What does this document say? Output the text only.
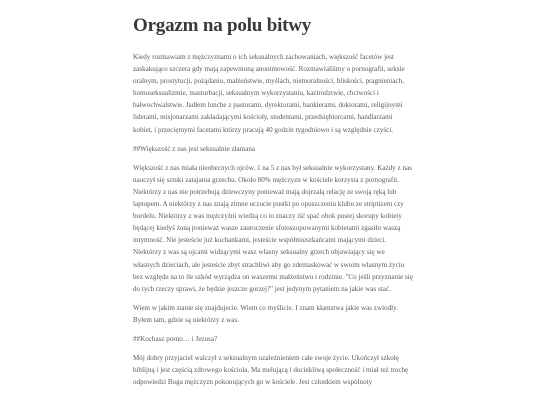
Orgazm na polu bitwy

Kiedy rozmawiam z mężczyznami o ich seksualnych zachowaniach, większość facetów jest zaskakująco szczera gdy mają zapewnioną anonimowość. Rozmawialiśmy o pornografii, seksie oralnym, prostytucji, pożądaniu, małżeństwie, myślach, niemoralności, bliskości, pragnieniach, homoseksualizmie, masturbacji, seksualnym wykorzystaniu, kazirodztwie, chciwości i bałwochwalstwie. Jadłem lunche z pastorami, dyrektorami, bankierami, doktorami, religijnymi liderami, misjonarzami zakładającymi kościoły, studentami, przedsiębiorcami, handlarzami kobiet, i przeciętnymi facetami którzy pracują 40 godzin tygodniowo i są względnie czyści.

##Większość z nas jest seksualnie złamana

Większość z nas miała nieobecnych ojców. 1 na 5 z nas był seksualnie wykorzystany. Każdy z nas nauczył się sztuki zatajania grzechu. Około 80% mężczyzn w kościele korzysta z pornografii. Niektórzy z nas nie potrzebują dziewczyny ponieważ mają dojrzałą relację ze swoją ręką lub laptopem. A niektórzy z nas znają zimne uczucie pustki po opuszczeniu klubu ze striptizem czy burdelu. Niektórzy z was mężczyźni wiedzą co to znaczy iść spać obok pustej skorupy kobiety będącej kiedyś żoną ponieważ wasze zauroczenie sfotoszopowanymi kobietami zgasiło waszą intymność. Nie jesteście już kochankami, jesteście współmieszkańcami mającymi dzieci. Niektórzy z was są ojcami widzącymi wasz własny seksualny grzech objawiający się we własnych dzieciach, ale jesteście zbyt strachliwi aby go zdemaskować w swoim własnym życiu bez względu na to ile szkód wyrządza on waszemu małżeństwu i rodzinie. "Co jeśli przyznanie się do tych rzeczy sprawi, że będzie jeszcze gorzej?" jest jedynym pytaniem na jakie was stać.

Wiem w jakim stanie się znajdujecie. Wiem co myślicie. I znam kłamstwa jakie was zwiodły. Byłem tam, gdzie są niektórzy z was.

##Kochasz porno… i Jezusa?

Mój dobry przyjaciel walczył z seksualnym uzależnieniem całe swoje życie. Ukończył szkołę biblijną i jest częścią zdrowego kościoła. Ma melującą i dociekliwą społeczność i miał też trochę odpowiedzi Boga mężczyzn pokonujących go w kościele. Jest członkiem wspólnoty
